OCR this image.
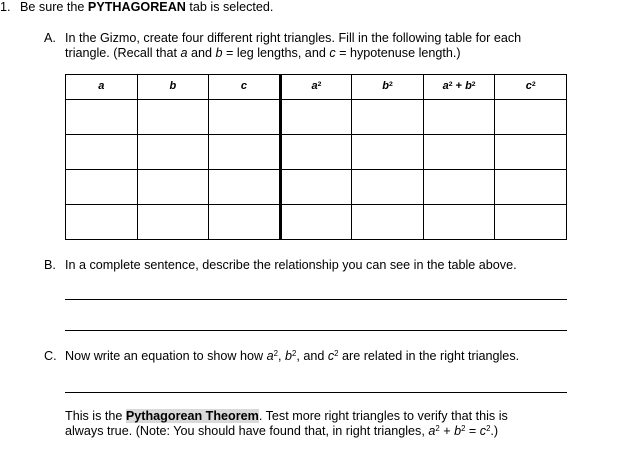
1. Be sure the PYTHAGOREAN tab is selected.
A. In the Gizmo, create four different right triangles. Fill in the following table for each
triangle. (Recall that a and b = leg lengths, and c = hypotenuse length.)
a	b	c	$a^2$	$b^2$	$a^2 + b^2$	$c^2$

B. In a complete sentence, describe the relationship you can see in the table above.
C. Now write an equation to show how $a^2$, $b^2$, and $c^2$ are related in the right triangles.
This is the Pythagorean Theorem. Test more right triangles to verify that this is
always true. (Note: You should have found that, in right triangles, $a^2 + b^2 = c^2$.)
